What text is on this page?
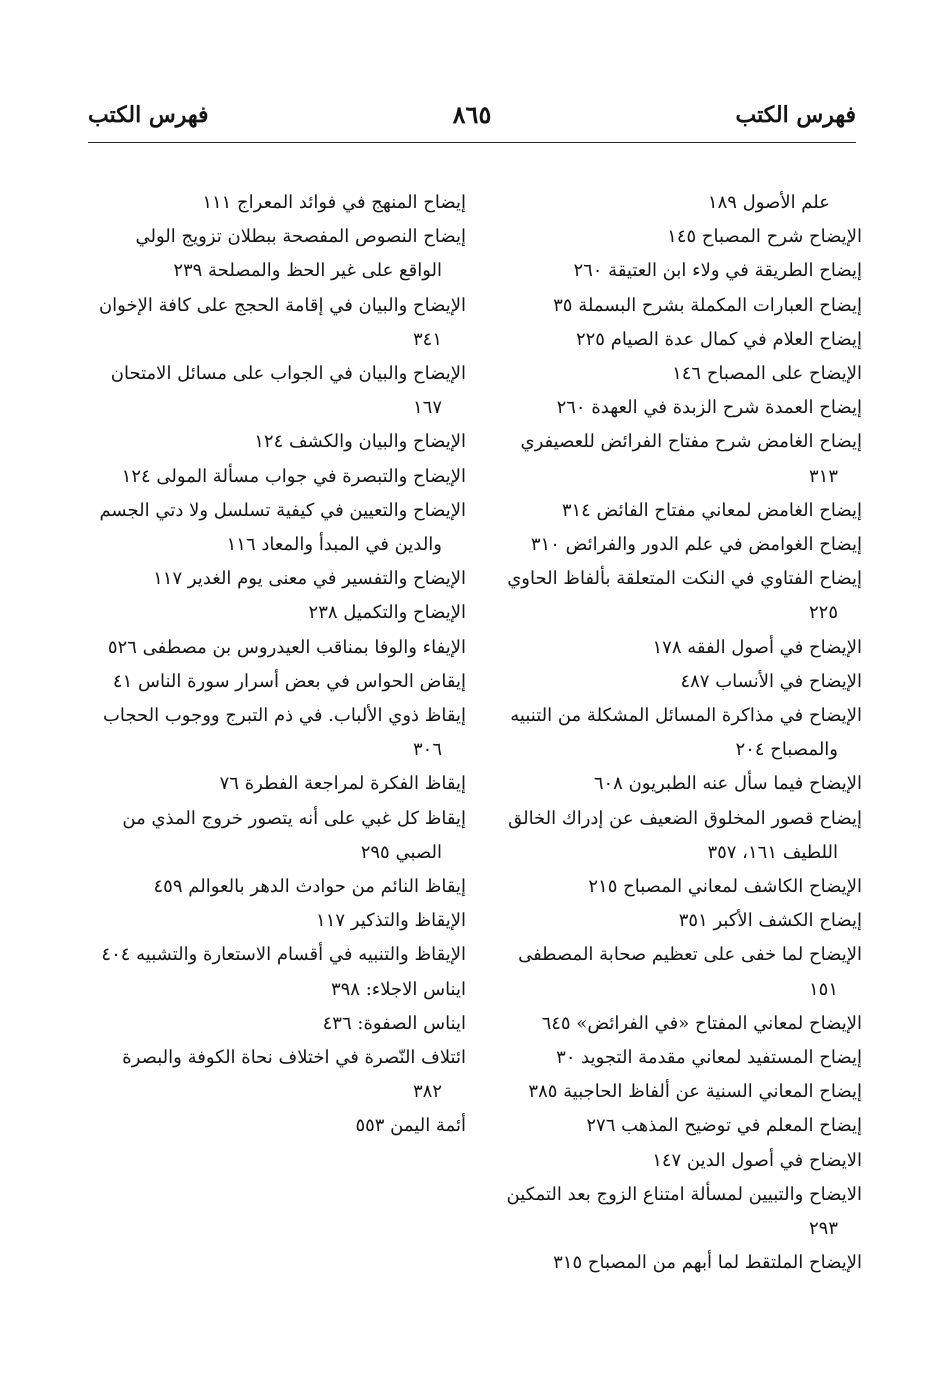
فهرس الكتب
٨٦٥
فهرس الكتب

علم الأصول ١٨٩

الإيضاح شرح المصباح ١٤٥

إيضاح الطريقة في ولاء ابن العتيقة ٢٦٠

إيضاح العبارات المكملة بشرح البسملة ٣٥

إيضاح العلام في كمال عدة الصيام ٢٢٥

الإيضاح على المصباح ١٤٦

إيضاح العمدة شرح الزبدة في العهدة ٢٦٠

إيضاح الغامض شرح مفتاح الفرائض للعصيفري ٣١٣

إيضاح الغامض لمعاني مفتاح الفائض ٣١٤

إيضاح الغوامض في علم الدور والفرائض ٣١٠

إيضاح الفتاوي في النكت المتعلقة بألفاظ الحاوي ٢٢٥

الإيضاح في أصول الفقه ١٧٨

الإيضاح في الأنساب ٤٨٧

الإيضاح في مذاكرة المسائل المشكلة من التنبيه والمصباح ٢٠٤

الإيضاح فيما سأل عنه الطبريون ٦٠٨

إيضاح قصور المخلوق الضعيف عن إدراك الخالق اللطيف ١٦١، ٣٥٧

الإيضاح الكاشف لمعاني المصباح ٢١٥

إيضاح الكشف الأكبر ٣٥١

الإيضاح لما خفى على تعظيم صحابة المصطفى ١٥١

الإيضاح لمعاني المفتاح «في الفرائض» ٦٤٥

إيضاح المستفيد لمعاني مقدمة التجويد ٣٠

إيضاح المعاني السنية عن ألفاظ الحاجبية ٣٨٥

إيضاح المعلم في توضيح المذهب ٢٧٦

الايضاح في أصول الدين ١٤٧

الايضاح والتبيين لمسألة امتناع الزوج بعد التمكين ٢٩٣

الإيضاح الملتقط لما أبهم من المصباح ٣١٥

إيضاح المنهج في فوائد المعراج ١١١

إيضاح النصوص المفصحة ببطلان تزويج الولي الواقع على غير الحظ والمصلحة ٢٣٩

الإيضاح والبيان في إقامة الحجج على كافة الإخوان ٣٤١

الإيضاح والبيان في الجواب على مسائل الامتحان ١٦٧

الإيضاح والبيان والكشف ١٢٤

الإيضاح والتبصرة في جواب مسألة المولى ١٢٤

الإيضاح والتعيين في كيفية تسلسل ولا دتي الجسم والدين في المبدأ والمعاد ١١٦

الإيضاح والتفسير في معنى يوم الغدير ١١٧

الإيضاح والتكميل ٢٣٨

الإيفاء والوفا بمناقب العيدروس بن مصطفى ٥٢٦

إيقاض الحواس في بعض أسرار سورة الناس ٤١

إيقاظ ذوي الألباب. في ذم التبرج ووجوب الحجاب ٣٠٦

إيقاظ الفكرة لمراجعة الفطرة ٧٦

إيقاظ كل غبي على أنه يتصور خروج المذي من الصبي ٢٩٥

إيقاظ النائم من حوادث الدهر بالعوالم ٤٥٩

الإيقاظ والتذكير ١١٧

الإيقاظ والتنبيه في أقسام الاستعارة والتشبيه ٤٠٤

ايناس الاجلاء: ٣٩٨

ايناس الصفوة: ٤٣٦

ائتلاف النّصرة في اختلاف نحاة الكوفة والبصرة ٣٨٢

أئمة اليمن ٥٥٣
